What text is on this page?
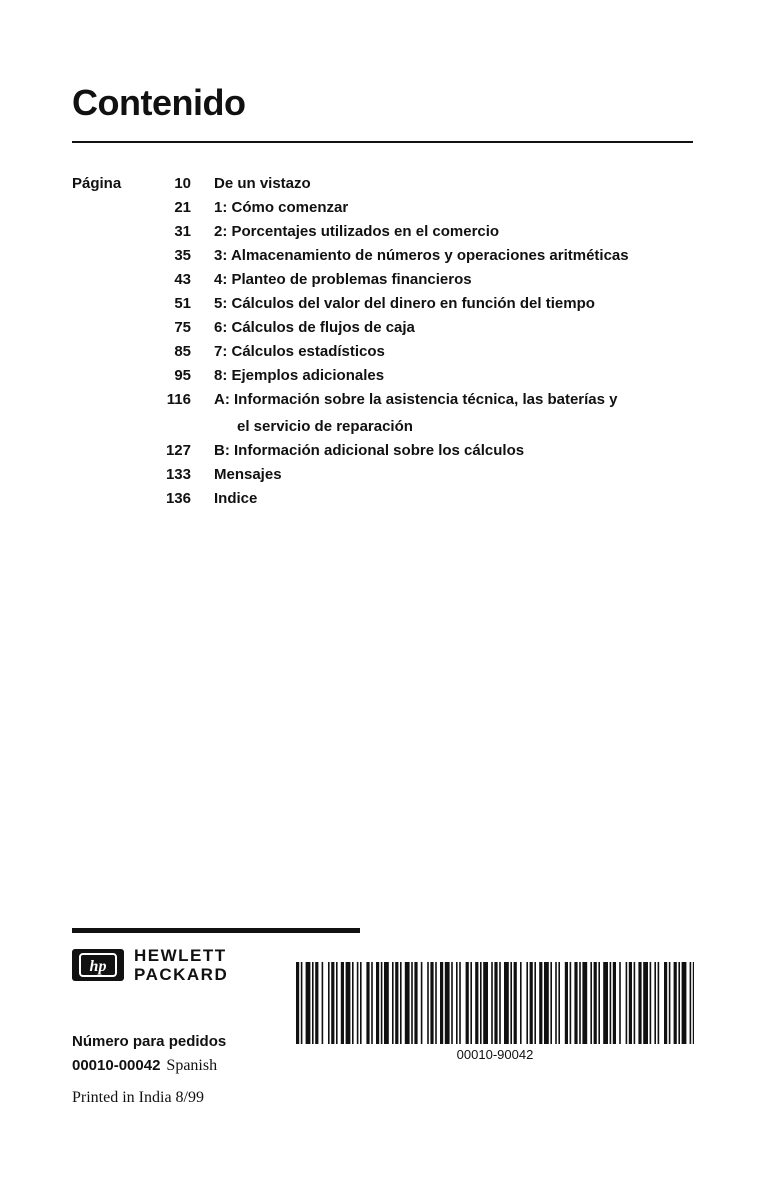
Contenido
Página	10 De un vistazo
21 1: Cómo comenzar
31 2: Porcentajes utilizados en el comercio
35 3: Almacenamiento de números y operaciones aritméticas
43 4: Planteo de problemas financieros
51 5: Cálculos del valor del dinero en función del tiempo
75 6: Cálculos de flujos de caja
85 7: Cálculos estadísticos
95 8: Ejemplos adicionales
116 A: Información sobre la asistencia técnica, las baterías y
el servicio de reparación
127 B: Información adicional sobre los cálculos
133 Mensajes
136 Indice
hp
HEWLETT
PACKARD
Número para pedidos
00010-00042 Spanish
Printed in India 8/99
00010-90042
